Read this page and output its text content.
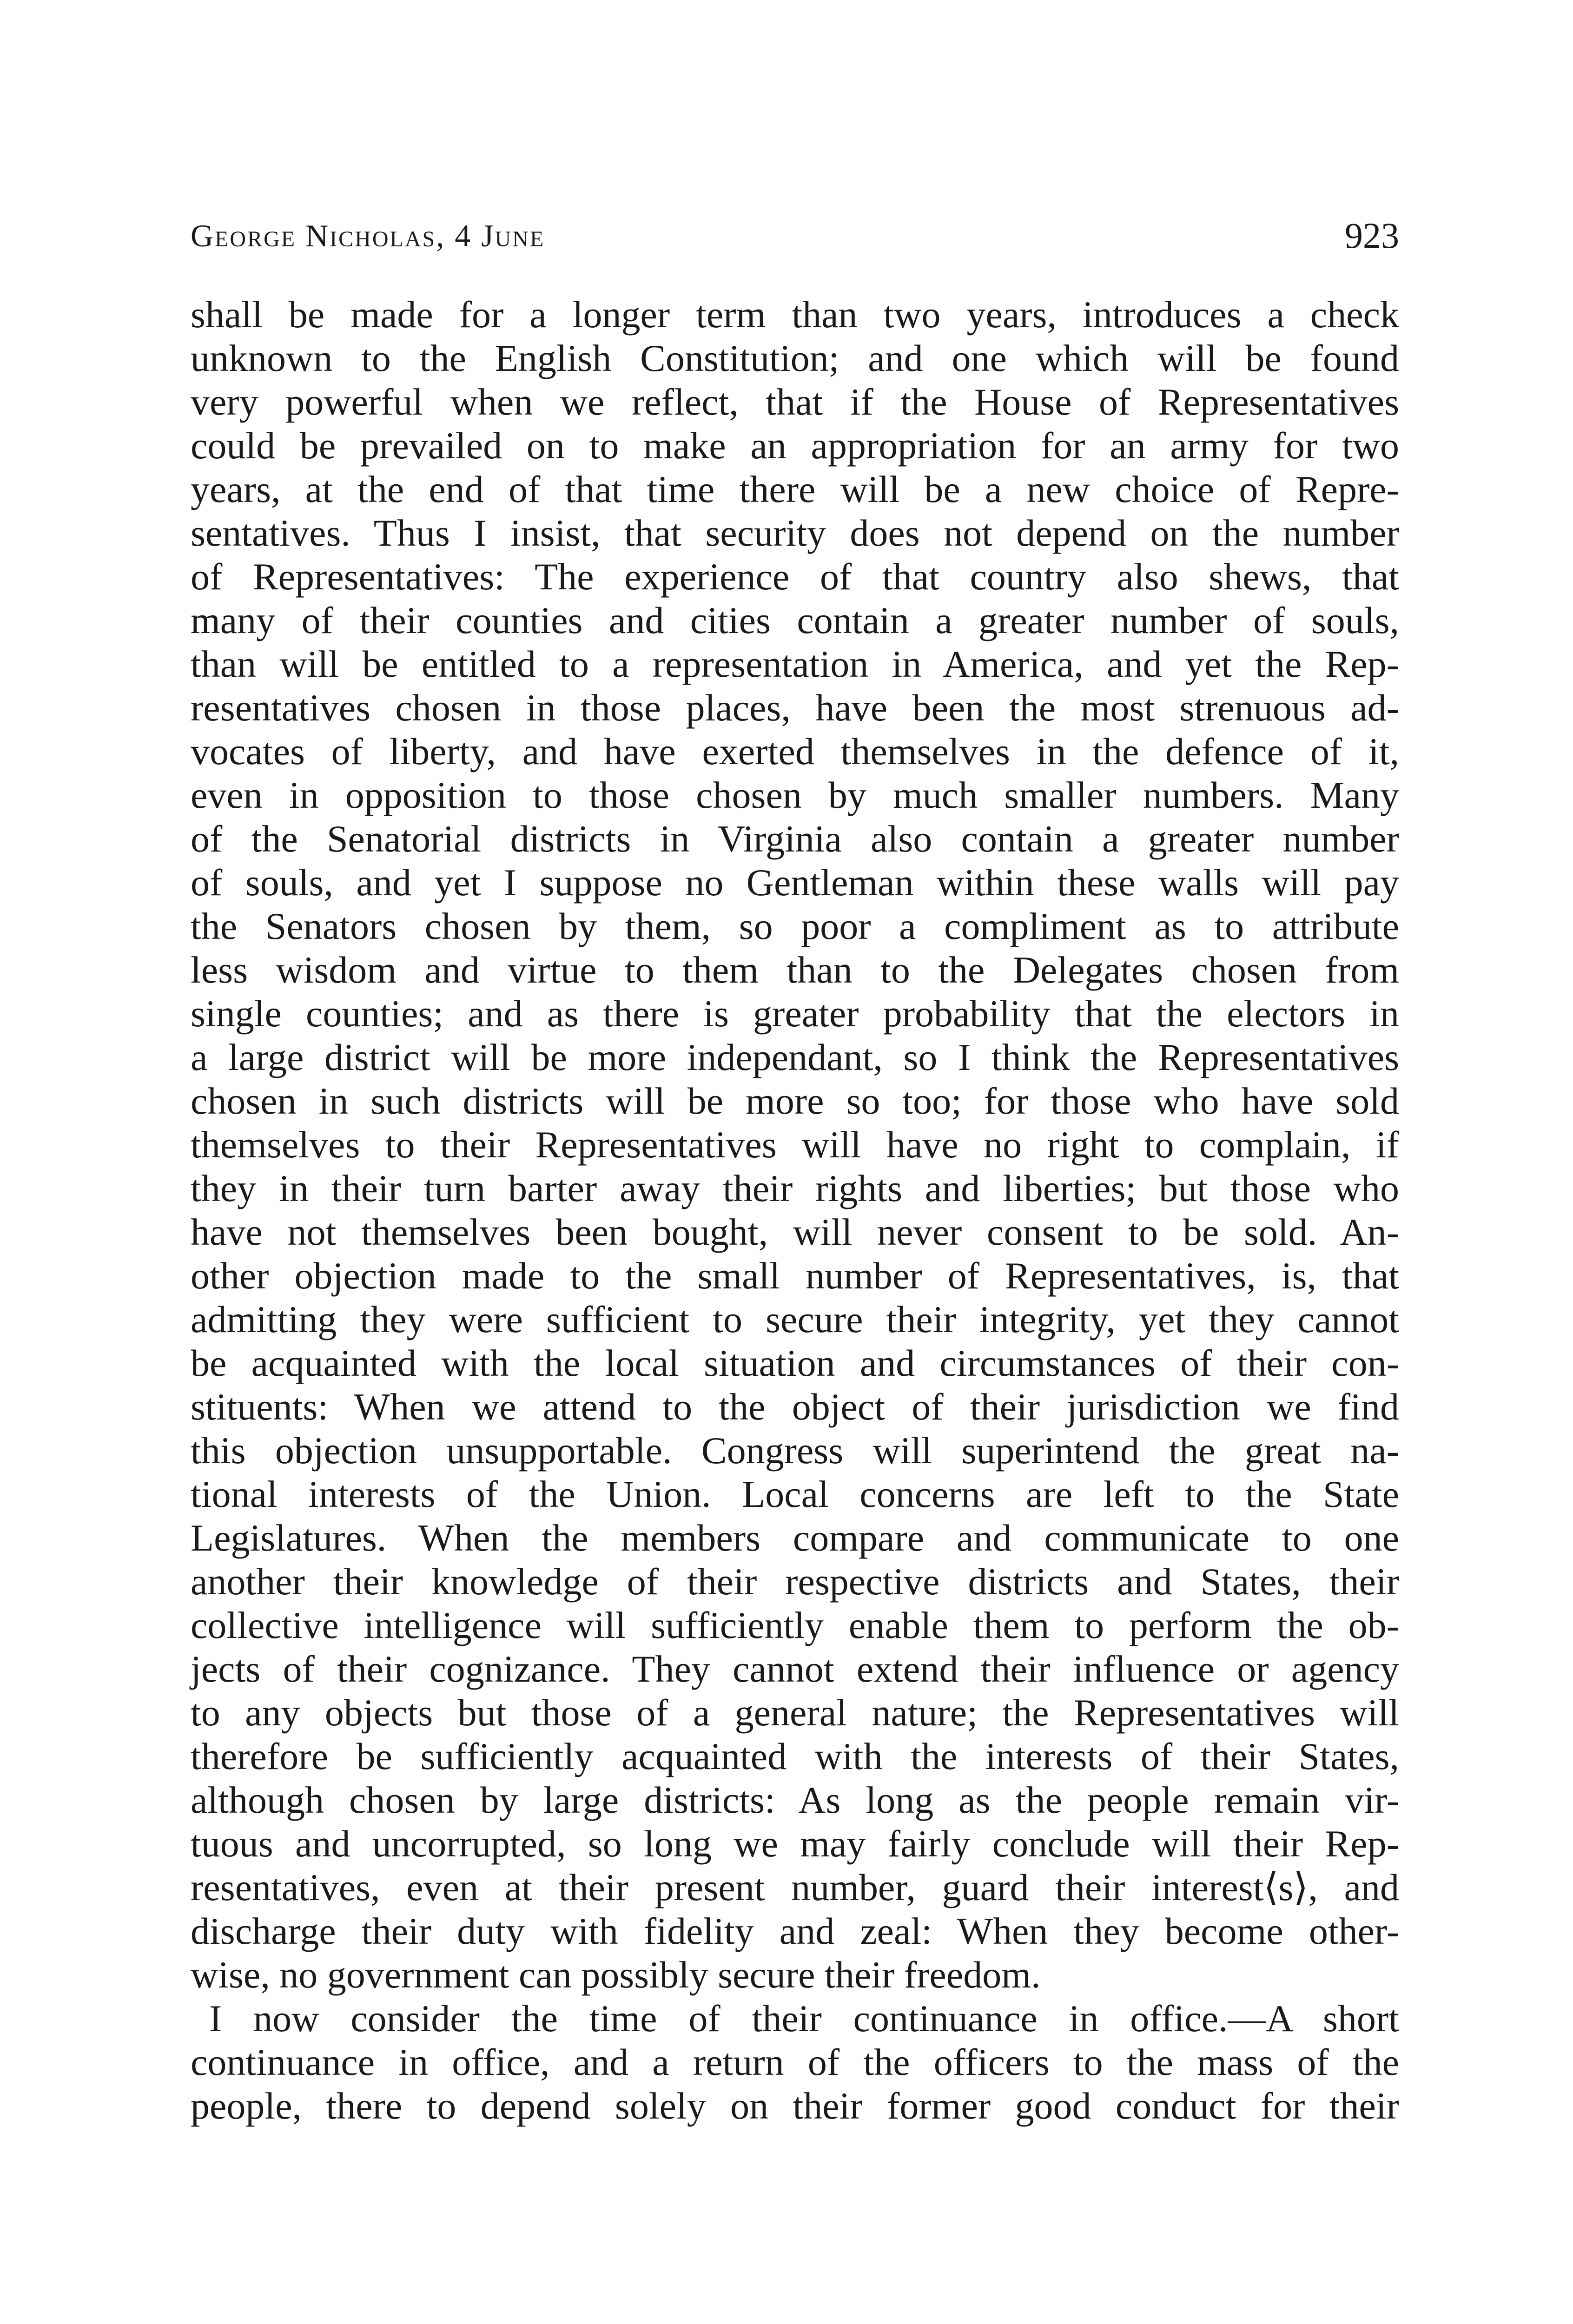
George Nicholas, 4 June	923
shall be made for a longer term than two years, introduces a check
unknown to the English Constitution; and one which will be found
very powerful when we reflect, that if the House of Representatives
could be prevailed on to make an appropriation for an army for two
years, at the end of that time there will be a new choice of Repre-
sentatives. Thus I insist, that security does not depend on the number
of Representatives: The experience of that country also shews, that
many of their counties and cities contain a greater number of souls,
than will be entitled to a representation in America, and yet the Rep-
resentatives chosen in those places, have been the most strenuous ad-
vocates of liberty, and have exerted themselves in the defence of it,
even in opposition to those chosen by much smaller numbers. Many
of the Senatorial districts in Virginia also contain a greater number
of souls, and yet I suppose no Gentleman within these walls will pay
the Senators chosen by them, so poor a compliment as to attribute
less wisdom and virtue to them than to the Delegates chosen from
single counties; and as there is greater probability that the electors in
a large district will be more independant, so I think the Representatives
chosen in such districts will be more so too; for those who have sold
themselves to their Representatives will have no right to complain, if
they in their turn barter away their rights and liberties; but those who
have not themselves been bought, will never consent to be sold. An-
other objection made to the small number of Representatives, is, that
admitting they were sufficient to secure their integrity, yet they cannot
be acquainted with the local situation and circumstances of their con-
stituents: When we attend to the object of their jurisdiction we find
this objection unsupportable. Congress will superintend the great na-
tional interests of the Union. Local concerns are left to the State
Legislatures. When the members compare and communicate to one
another their knowledge of their respective districts and States, their
collective intelligence will sufficiently enable them to perform the ob-
jects of their cognizance. They cannot extend their influence or agency
to any objects but those of a general nature; the Representatives will
therefore be sufficiently acquainted with the interests of their States,
although chosen by large districts: As long as the people remain vir-
tuous and uncorrupted, so long we may fairly conclude will their Rep-
resentatives, even at their present number, guard their interest⟨s⟩, and
discharge their duty with fidelity and zeal: When they become other-
wise, no government can possibly secure their freedom.
I now consider the time of their continuance in office.—A short
continuance in office, and a return of the officers to the mass of the
people, there to depend solely on their former good conduct for their
